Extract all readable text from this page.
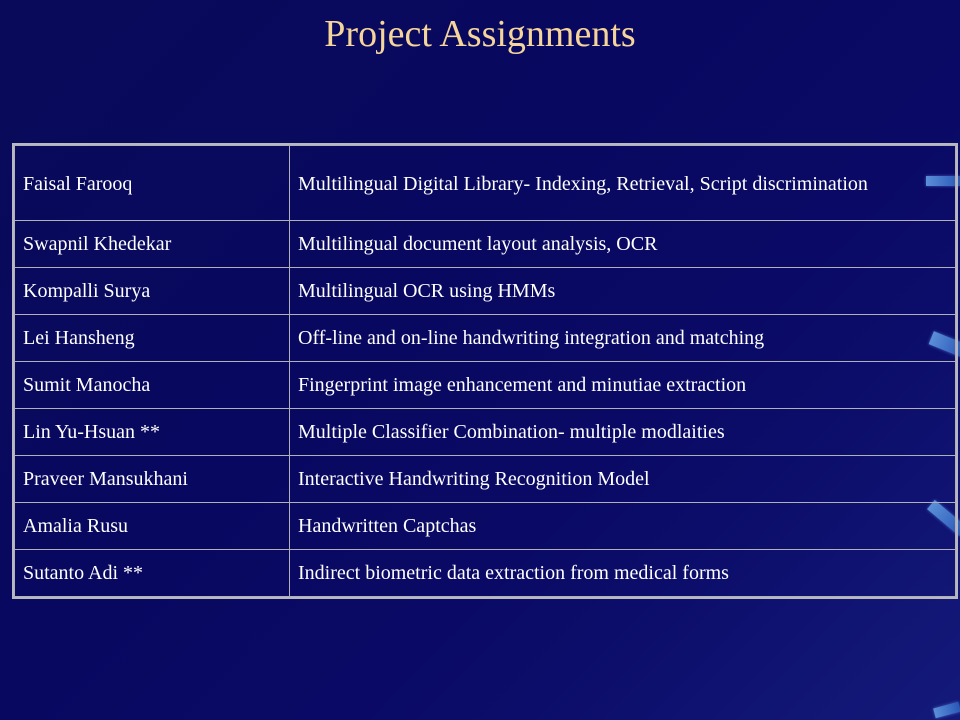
Project Assignments
Faisal Farooq	Multilingual Digital Library- Indexing, Retrieval, Script discrimination
Swapnil Khedekar	Multilingual document layout analysis, OCR
Kompalli Surya	Multilingual OCR using HMMs
Lei Hansheng	Off-line and on-line handwriting integration and matching
Sumit Manocha	Fingerprint image enhancement and minutiae extraction
Lin Yu-Hsuan **	Multiple Classifier Combination- multiple modlaities
Praveer Mansukhani	Interactive Handwriting Recognition Model
Amalia Rusu	Handwritten Captchas
Sutanto Adi **	Indirect biometric data extraction from medical forms
